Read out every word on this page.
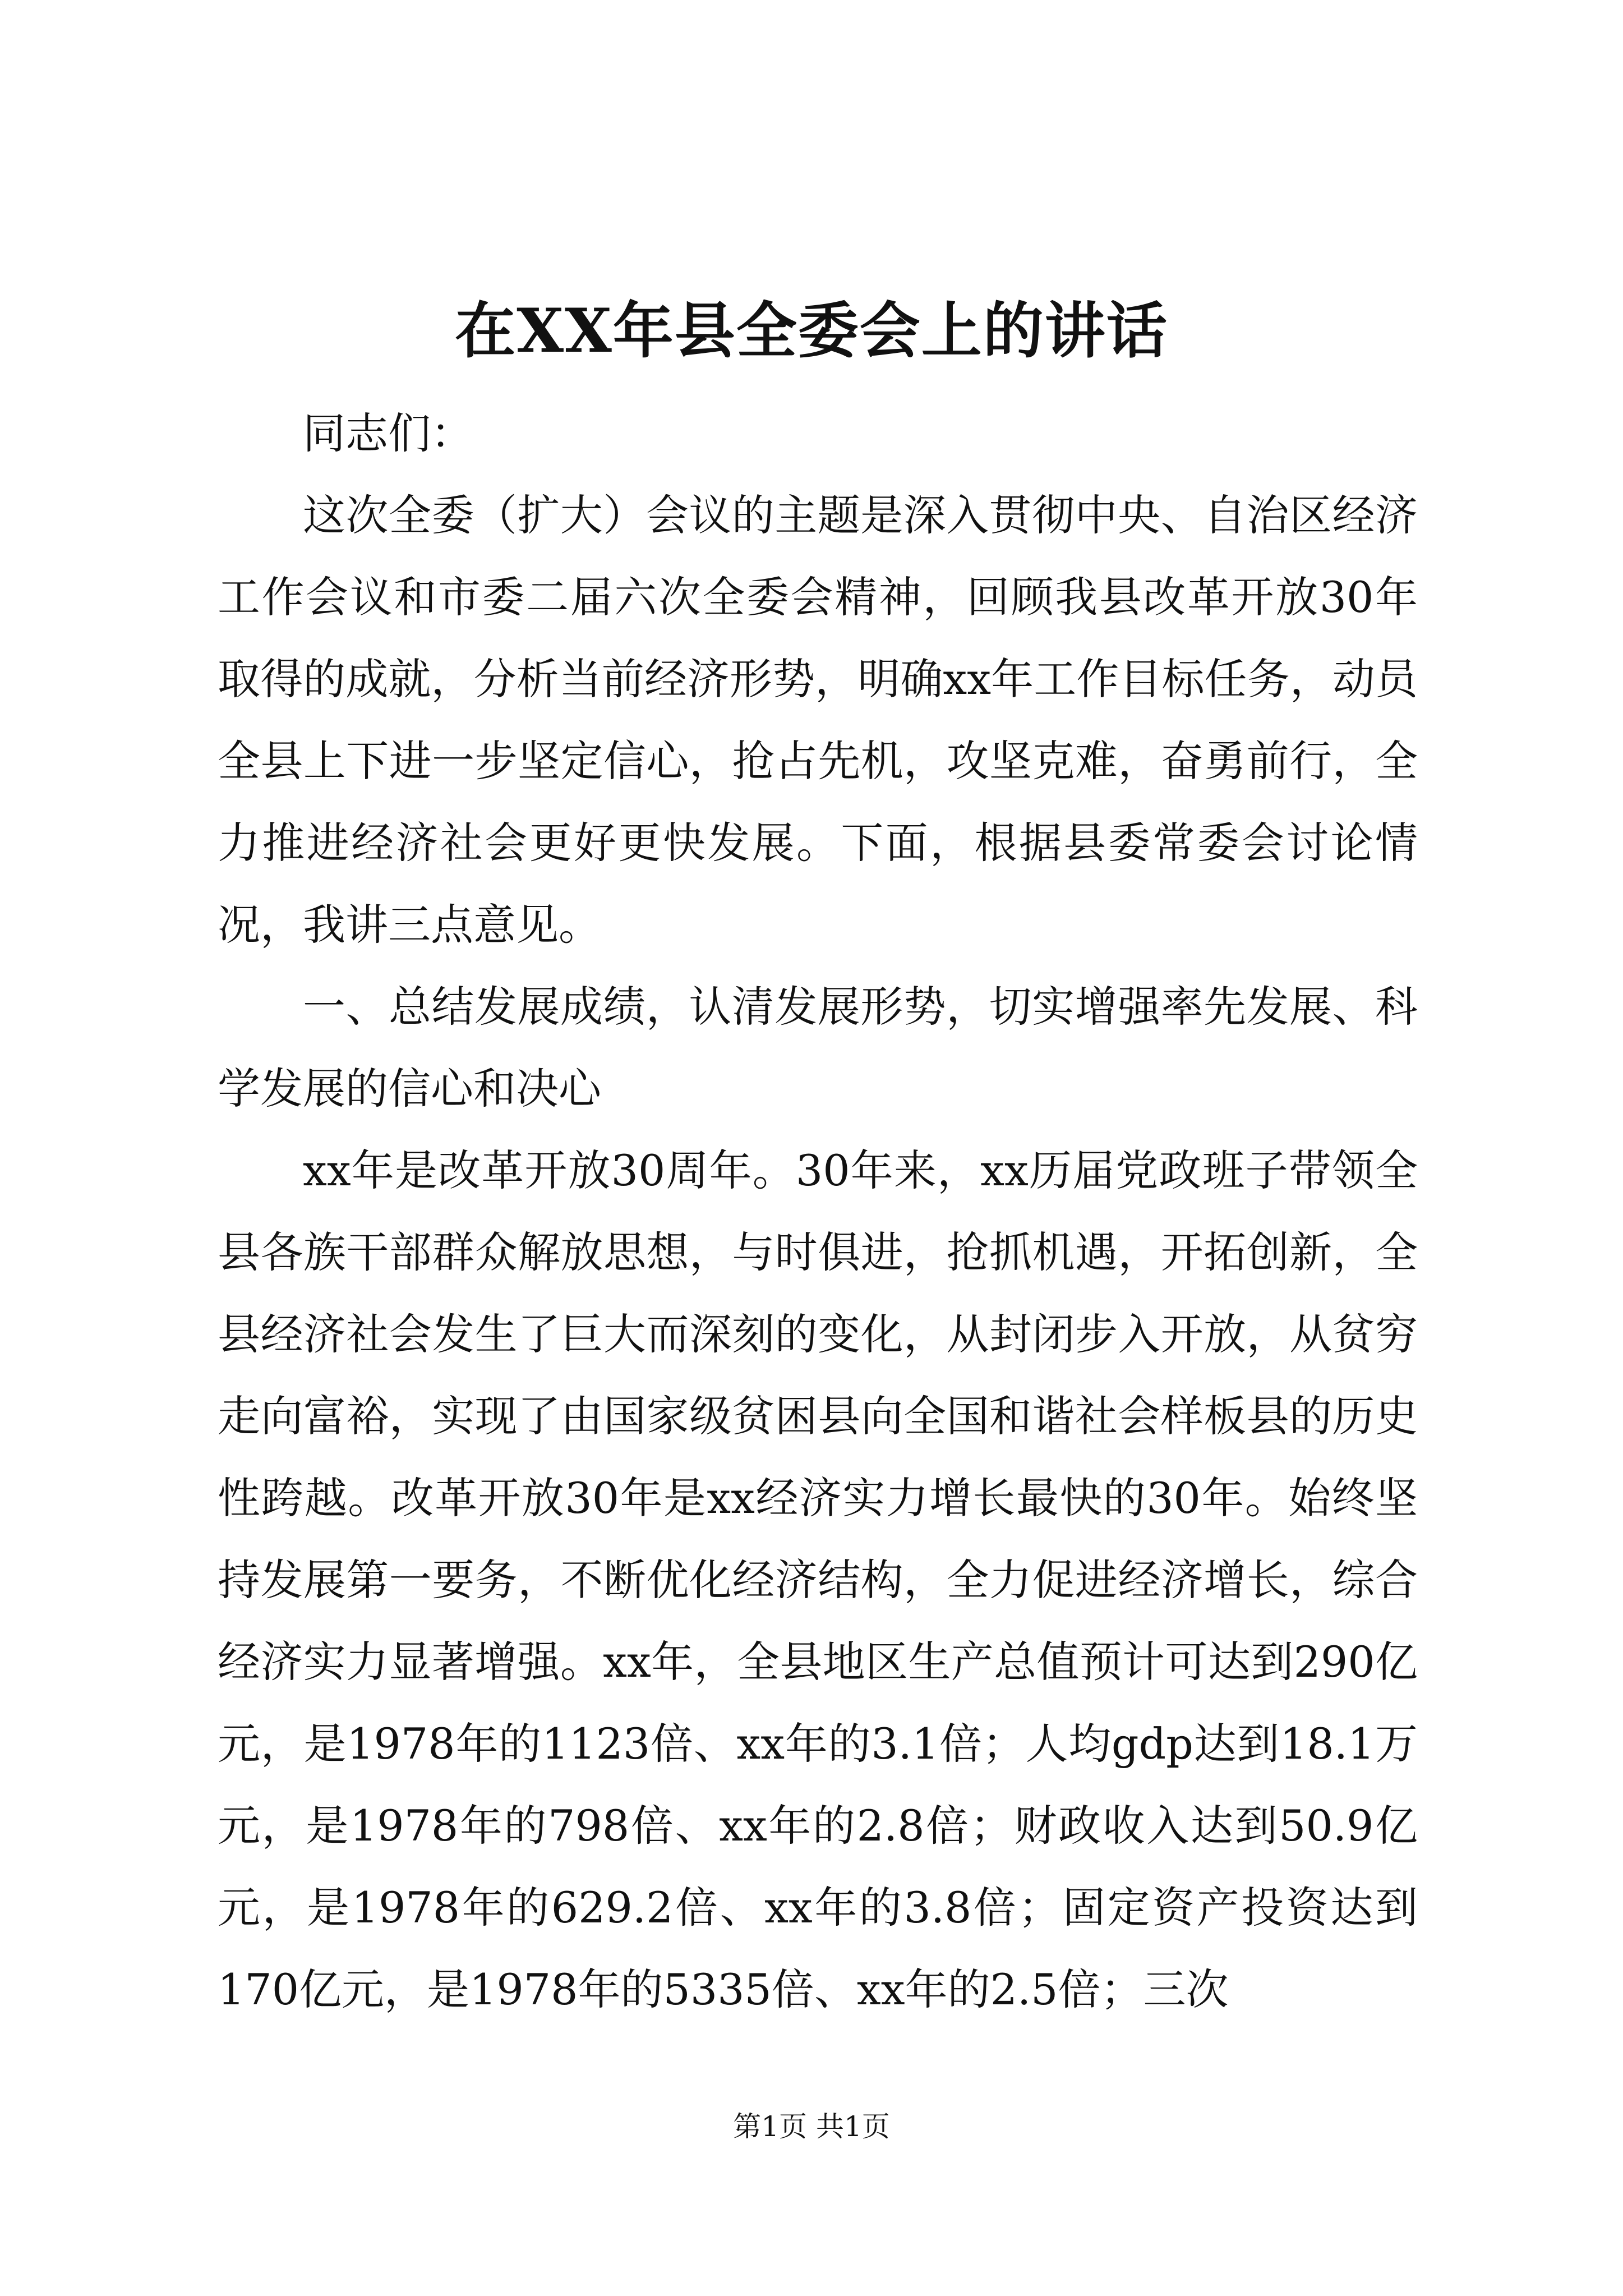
在XX年县全委会上的讲话

同志们：

这次全委（扩大）会议的主题是深入贯彻中央、自治区经济工作会议和市委二届六次全委会精神，回顾我县改革开放30年取得的成就，分析当前经济形势，明确xx年工作目标任务，动员全县上下进一步坚定信心，抢占先机，攻坚克难，奋勇前行，全力推进经济社会更好更快发展。下面，根据县委常委会讨论情况，我讲三点意见。

一、总结发展成绩，认清发展形势，切实增强率先发展、科学发展的信心和决心

xx年是改革开放30周年。30年来，xx历届党政班子带领全县各族干部群众解放思想，与时俱进，抢抓机遇，开拓创新，全县经济社会发生了巨大而深刻的变化，从封闭步入开放，从贫穷走向富裕，实现了由国家级贫困县向全国和谐社会样板县的历史性跨越。改革开放30年是xx经济实力增长最快的30年。始终坚持发展第一要务，不断优化经济结构，全力促进经济增长，综合经济实力显著增强。xx年，全县地区生产总值预计可达到290亿元，是1978年的1123倍、xx年的3.1倍；人均gdp达到18.1万元，是1978年的798倍、xx年的2.8倍；财政收入达到50.9亿元，是1978年的629.2倍、xx年的3.8倍；固定资产投资达到170亿元，是1978年的5335倍、xx年的2.5倍；三次

第1页 共1页
